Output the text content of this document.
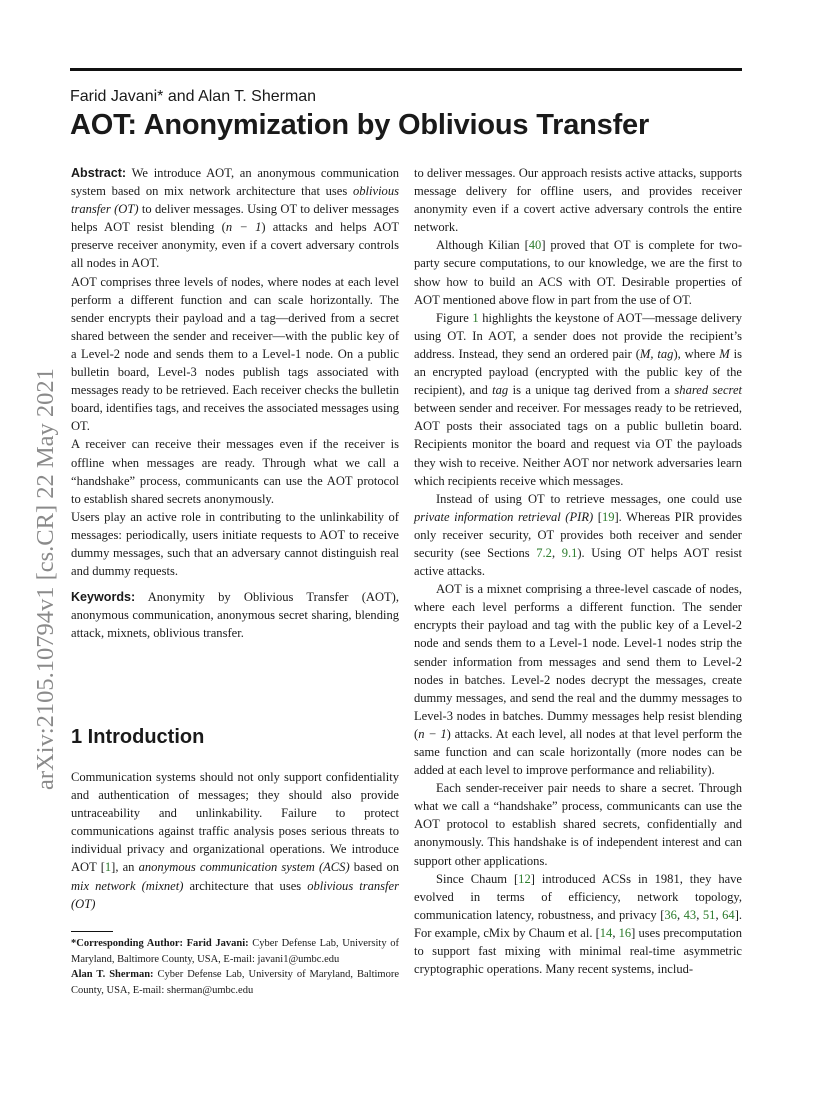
Farid Javani* and Alan T. Sherman
AOT: Anonymization by Oblivious Transfer
arXiv:2105.10794v1 [cs.CR] 22 May 2021

Abstract: We introduce AOT, an anonymous communication system based on mix network architecture that uses oblivious transfer (OT) to deliver messages. Using OT to deliver messages helps AOT resist blending (n − 1) attacks and helps AOT preserve receiver anonymity, even if a covert adversary controls all nodes in AOT.

AOT comprises three levels of nodes, where nodes at each level perform a different function and can scale horizontally. The sender encrypts their payload and a tag—derived from a secret shared between the sender and receiver—with the public key of a Level-2 node and sends them to a Level-1 node. On a public bulletin board, Level-3 nodes publish tags associated with messages ready to be retrieved. Each receiver checks the bulletin board, identifies tags, and receives the associated messages using OT.

A receiver can receive their messages even if the receiver is offline when messages are ready. Through what we call a “handshake” process, communicants can use the AOT protocol to establish shared secrets anonymously.

Users play an active role in contributing to the unlinkability of messages: periodically, users initiate requests to AOT to receive dummy messages, such that an adversary cannot distinguish real and dummy requests.

Keywords: Anonymity by Oblivious Transfer (AOT), anonymous communication, anonymous secret sharing, blending attack, mixnets, oblivious transfer.

1 Introduction

Communication systems should not only support confidentiality and authentication of messages; they should also provide untraceability and unlinkability. Failure to protect communications against traffic analysis poses serious threats to individual privacy and organizational operations. We introduce AOT [1], an anonymous communication system (ACS) based on mix network (mixnet) architecture that uses oblivious transfer (OT)

*Corresponding Author: Farid Javani: Cyber Defense Lab, University of Maryland, Baltimore County, USA, E-mail: javani1@umbc.edu

Alan T. Sherman: Cyber Defense Lab, University of Maryland, Baltimore County, USA, E-mail: sherman@umbc.edu

to deliver messages. Our approach resists active attacks, supports message delivery for offline users, and provides receiver anonymity even if a covert active adversary controls the entire network.

Although Kilian [40] proved that OT is complete for two-party secure computations, to our knowledge, we are the first to show how to build an ACS with OT. Desirable properties of AOT mentioned above flow in part from the use of OT.

Figure 1 highlights the keystone of AOT—message delivery using OT. In AOT, a sender does not provide the recipient’s address. Instead, they send an ordered pair (M, tag), where M is an encrypted payload (encrypted with the public key of the recipient), and tag is a unique tag derived from a shared secret between sender and receiver. For messages ready to be retrieved, AOT posts their associated tags on a public bulletin board. Recipients monitor the board and request via OT the payloads they wish to receive. Neither AOT nor network adversaries learn which recipients receive which messages.

Instead of using OT to retrieve messages, one could use private information retrieval (PIR) [19]. Whereas PIR provides only receiver security, OT provides both receiver and sender security (see Sections 7.2, 9.1). Using OT helps AOT resist active attacks.

AOT is a mixnet comprising a three-level cascade of nodes, where each level performs a different function. The sender encrypts their payload and tag with the public key of a Level-2 node and sends them to a Level-1 node. Level-1 nodes strip the sender information from messages and send them to Level-2 nodes in batches. Level-2 nodes decrypt the messages, create dummy messages, and send the real and the dummy messages to Level-3 nodes in batches. Dummy messages help resist blending (n − 1) attacks. At each level, all nodes at that level perform the same function and can scale horizontally (more nodes can be added at each level to improve performance and reliability).

Each sender-receiver pair needs to share a secret. Through what we call a “handshake” process, communicants can use the AOT protocol to establish shared secrets, confidentially and anonymously. This handshake is of independent interest and can support other applications.

Since Chaum [12] introduced ACSs in 1981, they have evolved in terms of efficiency, network topology, communication latency, robustness, and privacy [36, 43, 51, 64]. For example, cMix by Chaum et al. [14, 16] uses precomputation to support fast mixing with minimal real-time asymmetric cryptographic operations. Many recent systems, includ-
